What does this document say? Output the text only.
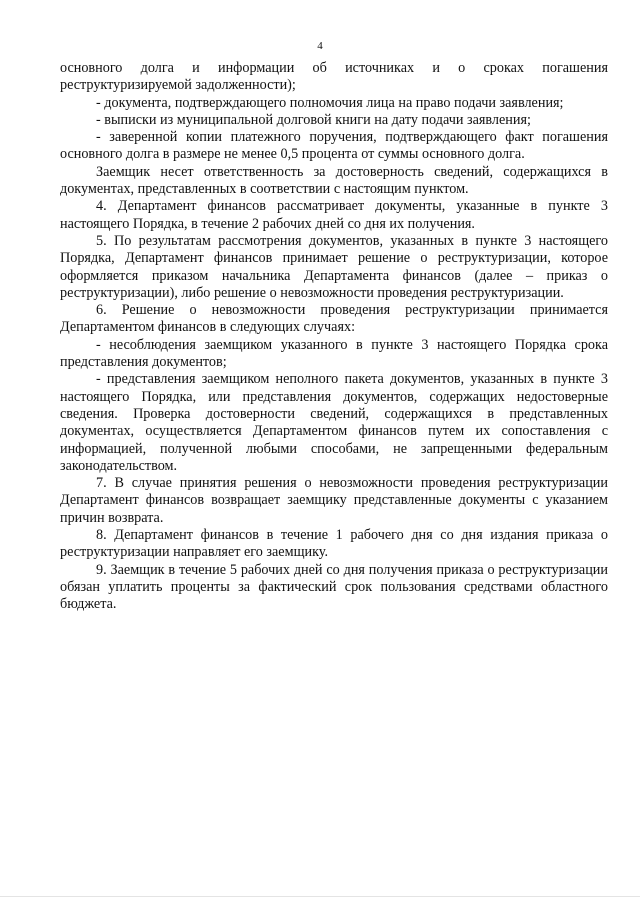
4

основного долга и информации об источниках и о сроках погашения реструктуризируемой задолженности);

- документа, подтверждающего полномочия лица на право подачи заявления;

- выписки из муниципальной долговой книги на дату подачи заявления;

- заверенной копии платежного поручения, подтверждающего факт погашения основного долга в размере не менее 0,5 процента от суммы основного долга.

Заемщик несет ответственность за достоверность сведений, содержащихся в документах, представленных в соответствии с настоящим пунктом.

4. Департамент финансов рассматривает документы, указанные в пункте 3 настоящего Порядка, в течение 2 рабочих дней со дня их получения.

5. По результатам рассмотрения документов, указанных в пункте 3 настоящего Порядка, Департамент финансов принимает решение о реструктуризации, которое оформляется приказом начальника Департамента финансов (далее – приказ о реструктуризации), либо решение о невозможности проведения реструктуризации.

6. Решение о невозможности проведения реструктуризации принимается Департаментом финансов в следующих случаях:

- несоблюдения заемщиком указанного в пункте 3 настоящего Порядка срока представления документов;

- представления заемщиком неполного пакета документов, указанных в пункте 3 настоящего Порядка, или представления документов, содержащих недостоверные сведения. Проверка достоверности сведений, содержащихся в представленных документах, осуществляется Департаментом финансов путем их сопоставления с информацией, полученной любыми способами, не запрещенными федеральным законодательством.

7. В случае принятия решения о невозможности проведения реструктуризации Департамент финансов возвращает заемщику представленные документы с указанием причин возврата.

8. Департамент финансов в течение 1 рабочего дня со дня издания приказа о реструктуризации направляет его заемщику.

9. Заемщик в течение 5 рабочих дней со дня получения приказа о реструктуризации обязан уплатить проценты за фактический срок пользования средствами областного бюджета.
